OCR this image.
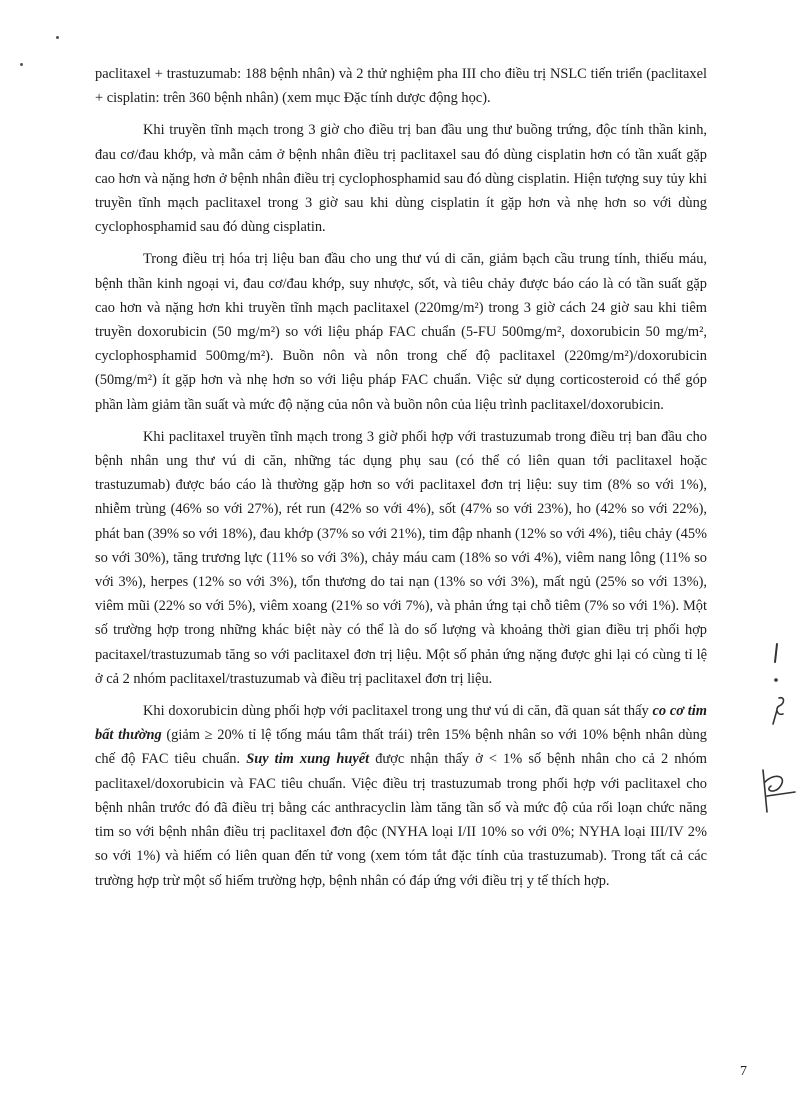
paclitaxel + trastuzumab: 188 bệnh nhân) và 2 thử nghiệm pha III cho điều trị NSLC tiến triển (paclitaxel + cisplatin: trên 360 bệnh nhân) (xem mục Đặc tính dược động học).

Khi truyền tĩnh mạch trong 3 giờ cho điều trị ban đầu ung thư buồng trứng, độc tính thần kinh, đau cơ/đau khớp, và mẫn cảm ở bệnh nhân điều trị paclitaxel sau đó dùng cisplatin hơn có tần xuất gặp cao hơn và nặng hơn ở bệnh nhân điều trị cyclophosphamid sau đó dùng cisplatin. Hiện tượng suy tủy khi truyền tĩnh mạch paclitaxel trong 3 giờ sau khi dùng cisplatin ít gặp hơn và nhẹ hơn so với dùng cyclophosphamid sau đó dùng cisplatin.

Trong điều trị hóa trị liệu ban đầu cho ung thư vú di căn, giảm bạch cầu trung tính, thiếu máu, bệnh thần kinh ngoại vi, đau cơ/đau khớp, suy nhược, sốt, và tiêu chảy được báo cáo là có tần suất gặp cao hơn và nặng hơn khi truyền tĩnh mạch paclitaxel (220mg/m²) trong 3 giờ cách 24 giờ sau khi tiêm truyền doxorubicin (50 mg/m²) so với liệu pháp FAC chuẩn (5-FU 500mg/m², doxorubicin 50 mg/m², cyclophosphamid 500mg/m²). Buồn nôn và nôn trong chế độ paclitaxel (220mg/m²)/doxorubicin (50mg/m²) ít gặp hơn và nhẹ hơn so với liệu pháp FAC chuẩn. Việc sử dụng corticosteroid có thể góp phần làm giảm tần suất và mức độ nặng của nôn và buồn nôn của liệu trình paclitaxel/doxorubicin.

Khi paclitaxel truyền tĩnh mạch trong 3 giờ phối hợp với trastuzumab trong điều trị ban đầu cho bệnh nhân ung thư vú di căn, những tác dụng phụ sau (có thể có liên quan tới paclitaxel hoặc trastuzumab) được báo cáo là thường gặp hơn so với paclitaxel đơn trị liệu: suy tim (8% so với 1%), nhiễm trùng (46% so với 27%), rét run (42% so với 4%), sốt (47% so với 23%), ho (42% so với 22%), phát ban (39% so với 18%), đau khớp (37% so với 21%), tim đập nhanh (12% so với 4%), tiêu chảy (45% so với 30%), tăng trương lực (11% so với 3%), chảy máu cam (18% so với 4%), viêm nang lông (11% so với 3%), herpes (12% so với 3%), tổn thương do tai nạn (13% so với 3%), mất ngủ (25% so với 13%), viêm mũi (22% so với 5%), viêm xoang (21% so với 7%), và phản ứng tại chỗ tiêm (7% so với 1%). Một số trường hợp trong những khác biệt này có thể là do số lượng và khoảng thời gian điều trị phối hợp pacitaxel/trastuzumab tăng so với paclitaxel đơn trị liệu. Một số phản ứng nặng được ghi lại có cùng tỉ lệ ở cả 2 nhóm paclitaxel/trastuzumab và điều trị paclitaxel đơn trị liệu.

Khi doxorubicin dùng phối hợp với paclitaxel trong ung thư vú di căn, đã quan sát thấy co cơ tim bất thường (giảm ≥ 20% tỉ lệ tống máu tâm thất trái) trên 15% bệnh nhân so với 10% bệnh nhân dùng chế độ FAC tiêu chuẩn. Suy tim xung huyết được nhận thấy ở < 1% số bệnh nhân cho cả 2 nhóm paclitaxel/doxorubicin và FAC tiêu chuẩn. Việc điều trị trastuzumab trong phối hợp với paclitaxel cho bệnh nhân trước đó đã điều trị bằng các anthracyclin làm tăng tần số và mức độ của rối loạn chức năng tim so với bệnh nhân điều trị paclitaxel đơn độc (NYHA loại I/II 10% so với 0%; NYHA loại III/IV 2% so với 1%) và hiếm có liên quan đến tử vong (xem tóm tắt đặc tính của trastuzumab). Trong tất cả các trường hợp trừ một số hiếm trường hợp, bệnh nhân có đáp ứng với điều trị y tế thích hợp.

7
